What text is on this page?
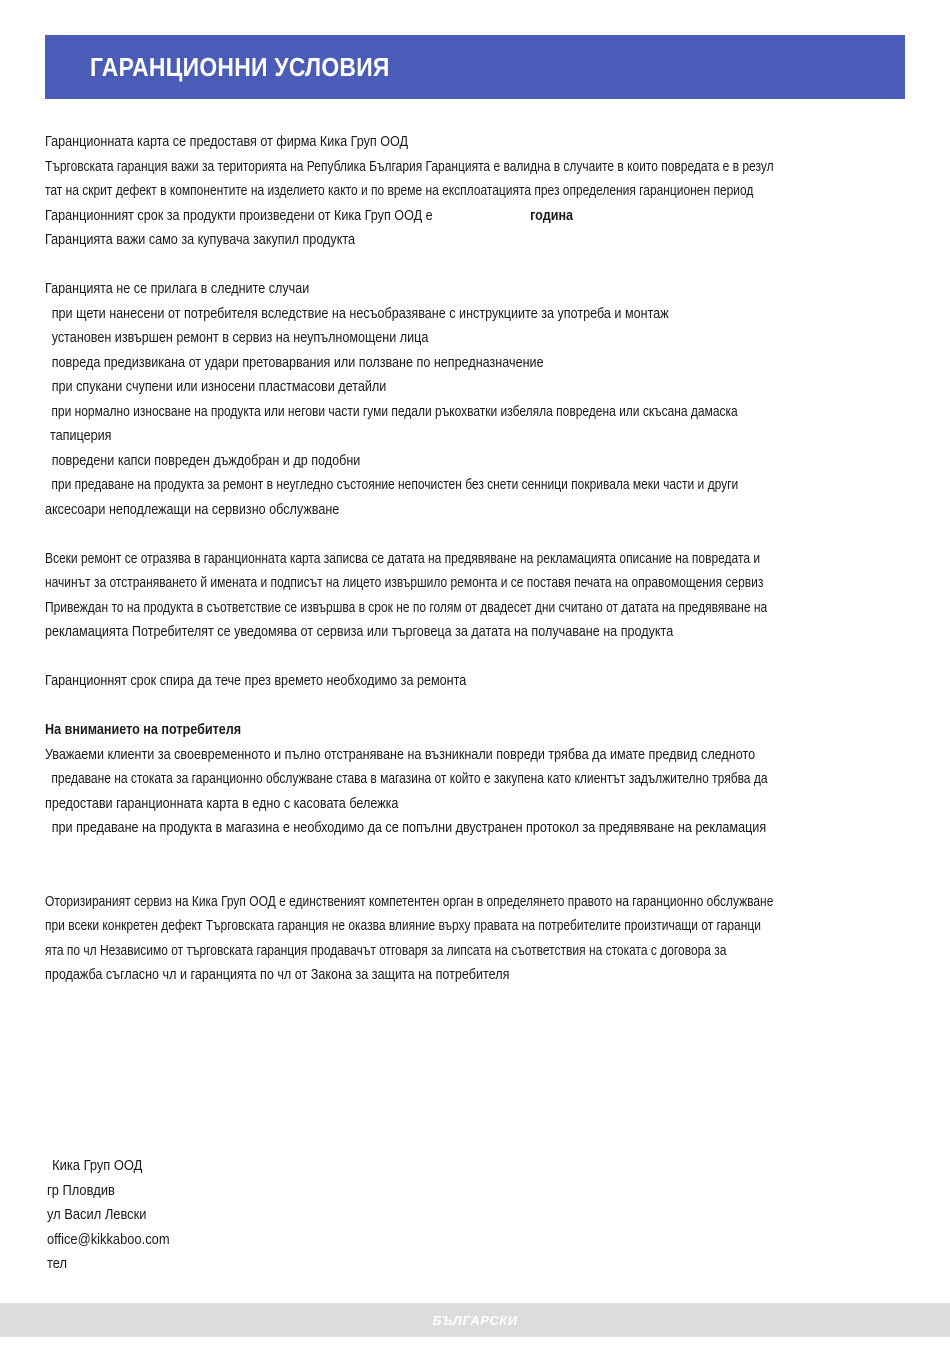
ГАРАНЦИОННИ УСЛОВИЯ
Гаранционната карта се предоставя от фирма Кика Груп ООД
Търговската гаранция важи за територията на Република България Гаранцията е валидна в случаите в които повредата е в резул
тат на скрит дефект в компонентите на изделието както и по време на експлоатацията през определения гаранционен период
Гаранционният срок за продукти произведени от Кика Груп ООД е	година
Гаранцията важи само за купувача закупил продукта
Гаранцията не се прилага в следните случаи
при щети нанесени от потребителя вследствие на несъобразяване с инструкциите за употреба и монтаж
установен извършен ремонт в сервиз на неупълномощени лица
повреда предизвикана от удари претоварвания или ползване по непредназначение
при спукани счупени или износени пластмасови детайли
при нормално износване на продукта или негови части гуми педали ръкохватки избеляла повредена или скъсана дамаска
тапицерия
повредени капси повреден дъждобран и др подобни
при предаване на продукта за ремонт в неугледно състояние непочистен без снети сенници покривала меки части и други
аксесоари неподлежащи на сервизно обслужване
Всеки ремонт се отразява в гаранционната карта записва се датата на предявяване на рекламацията описание на повредата и
начинът за отстраняването й имената и подписът на лицето извършило ремонта и се поставя печата на оправомощения сервиз
Привеждан то на продукта в съответствие се извършва в срок не по голям от двадесет дни считано от датата на предявяване на
рекламацията Потребителят се уведомява от сервиза или търговеца за датата на получаване на продукта
Гаранционнят срок спира да тече през времето необходимо за ремонта
На вниманието на потребителя
Уважаеми клиенти за своевременното и пълно отстраняване на възникнали повреди трябва да имате предвид следното
предаване на стоката за гаранционно обслужване става в магазина от който е закупена като клиентът задължително трябва да
предостави гаранционната карта в едно с касовата бележка
при предаване на продукта в магазина е необходимо да се попълни двустранен протокол за предявяване на рекламация
Оторизираният сервиз на Кика Груп ООД е единственият компетентен орган в определянето правото на гаранционно обслужване
при всеки конкретен дефект Търговската гаранция не оказва влияние върху правата на потребителите произтичащи от гаранци
ята по чл Независимо от търговската гаранция продавачът отговаря за липсата на съответствия на стоката с договора за
продажба съгласно чл и гаранцията по чл от Закона за защита на потребителя
Кика Груп ООД
гр Пловдив
ул Васил Левски
office@kikkaboo.com
тел
БЪЛГАРСКИ
